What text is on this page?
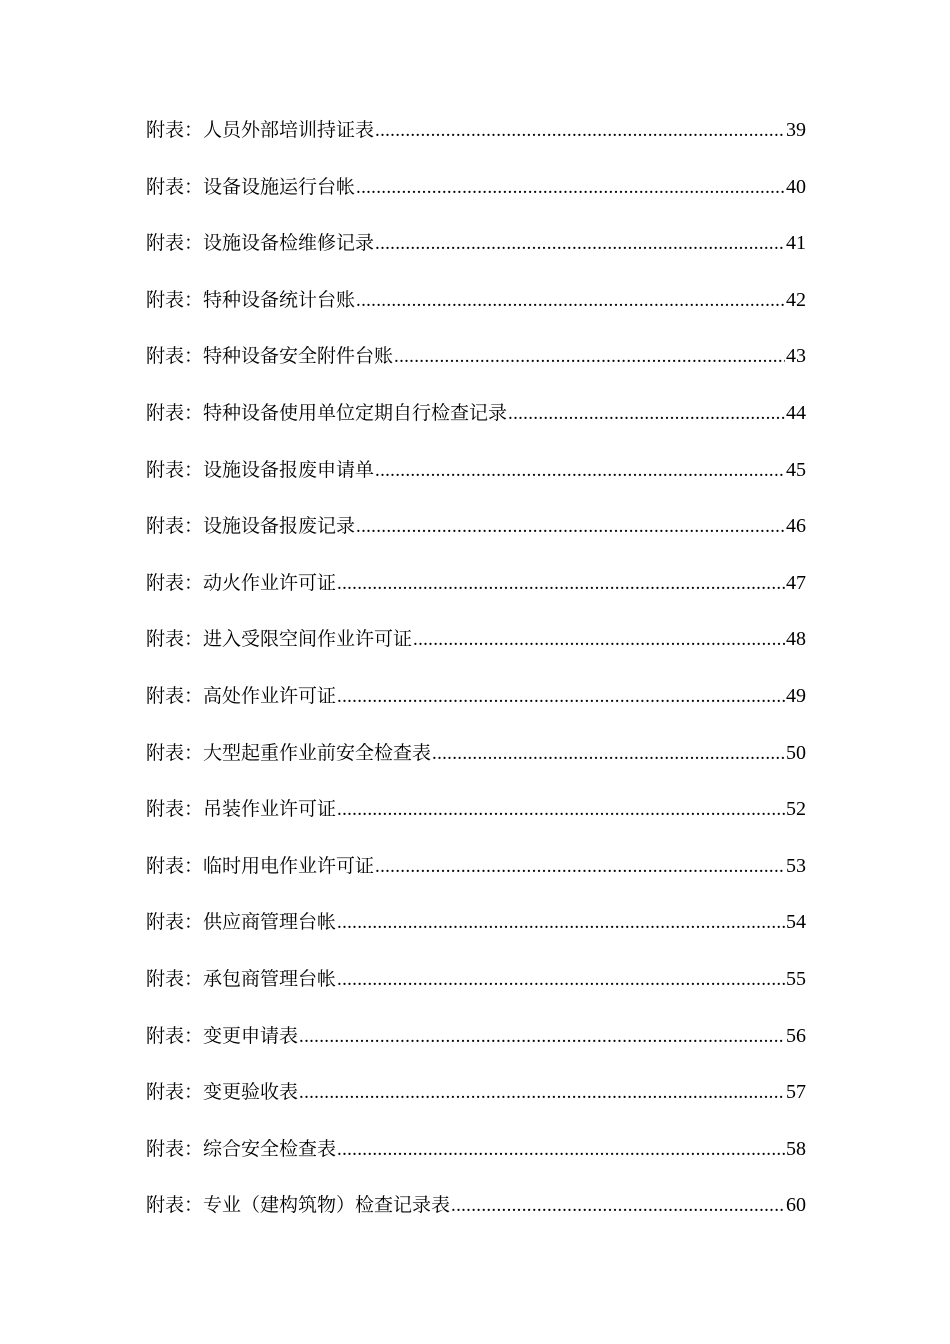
附表： 人员外部培训持证表 .....	39
附表： 设备设施运行台帐 .....	40
附表： 设施设备检维修记录 .....	41
附表： 特种设备统计台账 .....	42
附表： 特种设备安全附件台账 .....	43
附表： 特种设备使用单位定期自行检查记录 .....	44
附表： 设施设备报废申请单 .....	45
附表： 设施设备报废记录 .....	46
附表： 动火作业许可证 .....	47
附表： 进入受限空间作业许可证 .....	48
附表： 高处作业许可证 .....	49
附表： 大型起重作业前安全检查表 .....	50
附表： 吊装作业许可证 .....	52
附表： 临时用电作业许可证 .....	53
附表： 供应商管理台帐 .....	54
附表： 承包商管理台帐 .....	55
附表： 变更申请表 .....	56
附表： 变更验收表 .....	57
附表： 综合安全检查表 .....	58
附表： 专业（建构筑物）检查记录表 .....	60
